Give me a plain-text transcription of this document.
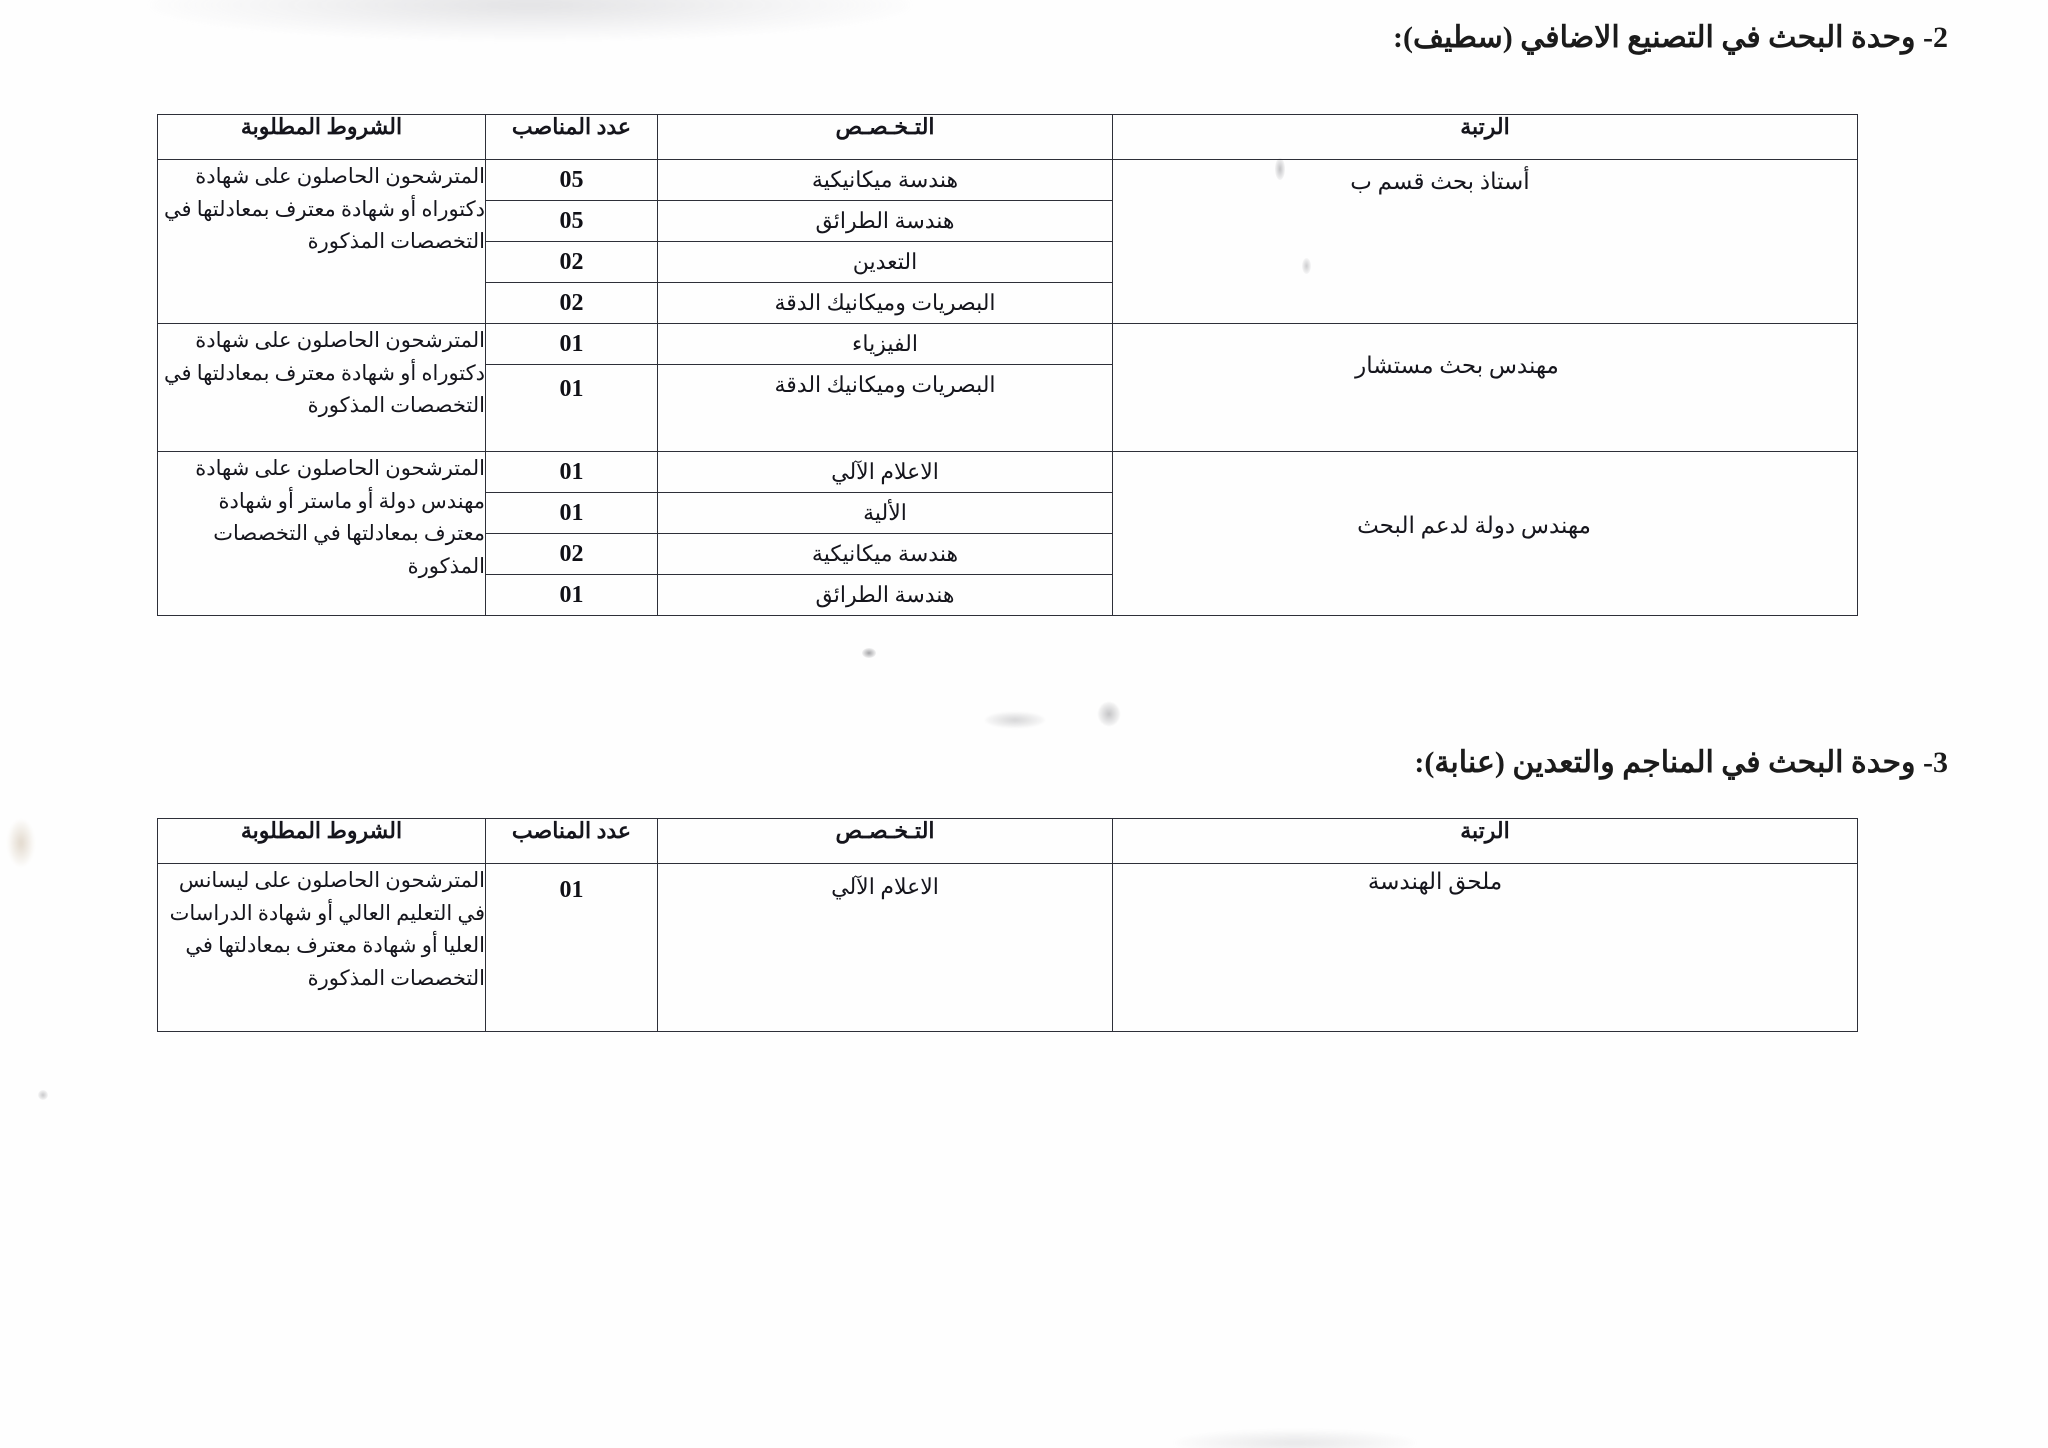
2- وحدة البحث في التصنيع الاضافي (سطيف):
الرتبة	التـخـصـص	عدد المناصب	الشروط المطلوبة

أستاذ بحث قسم ب	هندسة ميكانيكية	05	المترشحون الحاصلون على شهادة دكتوراه أو شهادة معترف بمعادلتها في التخصصات المذكورة

	هندسة الطرائق	05	
	التعدين	02	
	البصريات وميكانيك الدقة	02	

مهندس بحث مستشار	الفيزياء	01	المترشحون الحاصلون على شهادة دكتوراه أو شهادة معترف بمعادلتها في التخصصات المذكورة

	البصريات وميكانيك الدقة	01	

مهندس دولة لدعم البحث	الاعلام الآلي	01	المترشحون الحاصلون على شهادة مهندس دولة أو ماستر أو شهادة معترف بمعادلتها في التخصصات المذكورة

	الألية	01	
	هندسة ميكانيكية	02	
	هندسة الطرائق	01	
3- وحدة البحث في المناجم والتعدين (عنابة):
الرتبة	التـخـصـص	عدد المناصب	الشروط المطلوبة

ملحق الهندسة	الاعلام الآلي	01	المترشحون الحاصلون على ليسانس في التعليم العالي أو شهادة الدراسات العليا أو شهادة معترف بمعادلتها في التخصصات المذكورة
